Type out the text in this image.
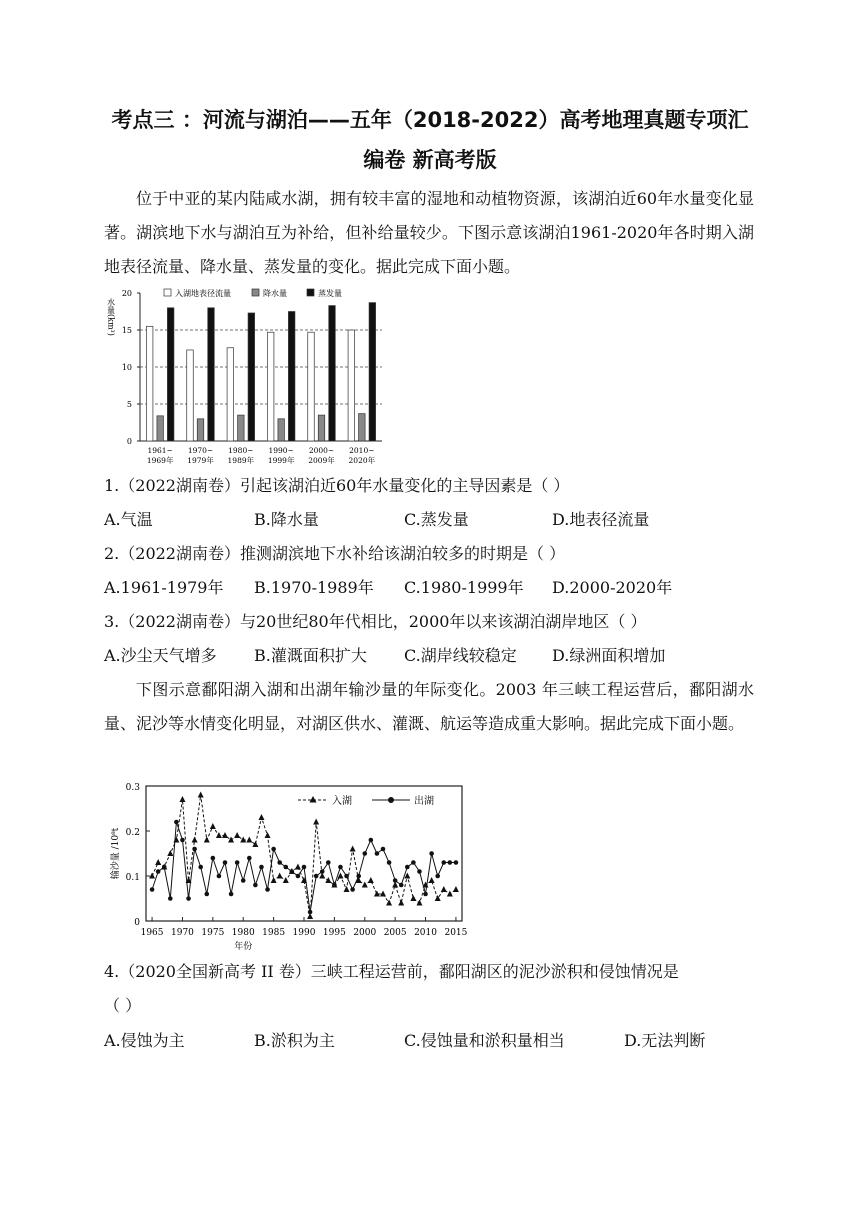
考点三 ：河流与湖泊——五年（2018-2022）高考地理真题专项汇
编卷 新高考版

位于中亚的某内陆咸水湖，拥有较丰富的湿地和动植物资源，该湖泊近60年水量变化显著。湖滨地下水与湖泊互为补给，但补给量较少。下图示意该湖泊1961-2020年各时期入湖地表径流量、降水量、蒸发量的变化。据此完成下面小题。

0
5
10
15
20
水量(km³)
1961~
1969年
1970~
1979年
1980~
1989年
1990~
1999年
2000~
2009年
2010~
2020年
入湖地表径流量	降水量	蒸发量
1.（2022湖南卷）引起该湖泊近60年水量变化的主导因素是（ ）
A.气温	B.降水量	C.蒸发量	D.地表径流量
2.（2022湖南卷）推测湖滨地下水补给该湖泊较多的时期是（ ）
A.1961-1979年 B.1970-1989年 C.1980-1999年 D.2000-2020年
3.（2022湖南卷）与20世纪80年代相比，2000年以来该湖泊湖岸地区（ ）
A.沙尘天气增多 B.灌溉面积扩大 C.湖岸线较稳定 D.绿洲面积增加

下图示意鄱阳湖入湖和出湖年输沙量的年际变化。2003 年三峡工程运营后，鄱阳湖水量、泥沙等水情变化明显，对湖区供水、灌溉、航运等造成重大影响。据此完成下面小题。

0
0.1
0.2
0.3
1965 1970 1975 1980 1985 1990 1995 2000 2005 2010 2015
年份
输沙量 /10⁸t
入湖	出湖
4.（2020全国新高考 II 卷）三峡工程运营前，鄱阳湖区的泥沙淤积和侵蚀情况是
（ ）
A.侵蚀为主	B.淤积为主	C.侵蚀量和淤积量相当	D.无法判断
